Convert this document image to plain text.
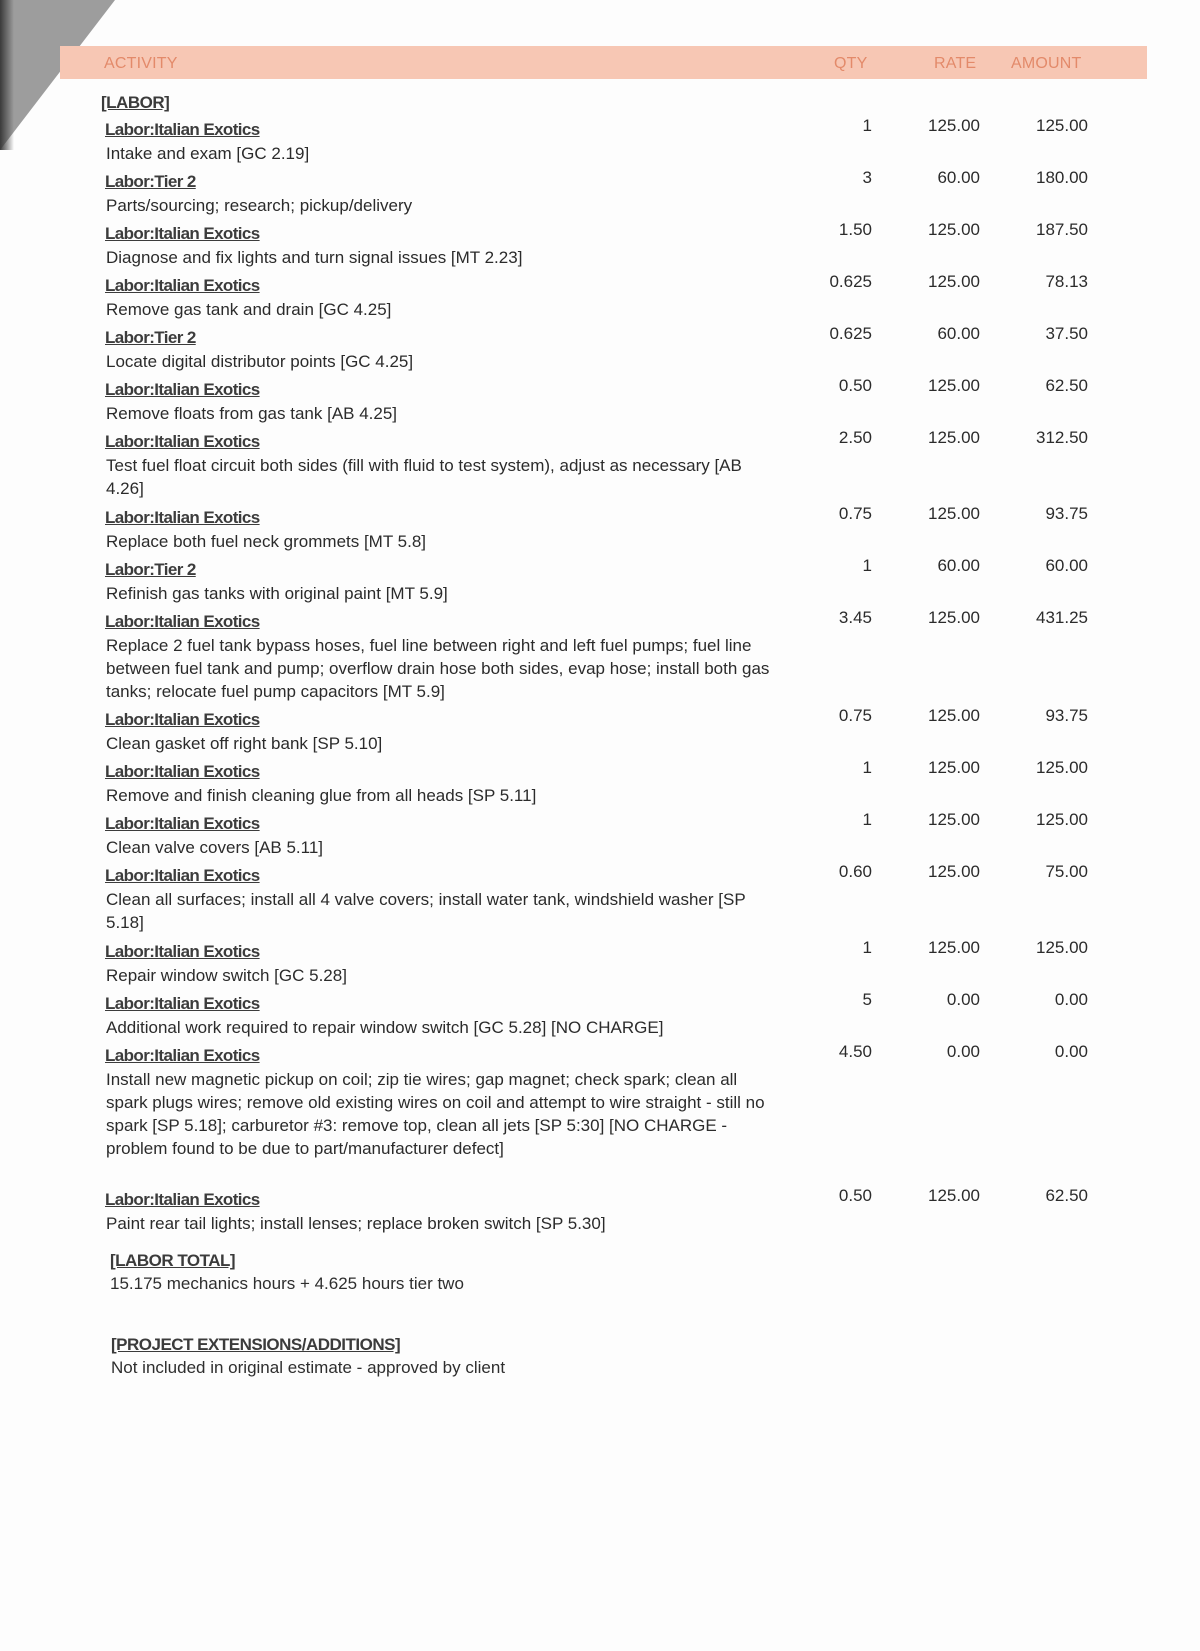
ACTIVITY	QTY	RATE AMOUNT
[LABOR]
Labor:Italian Exotics
Intake and exam [GC 2.19]
1	125.00	125.00
Labor:Tier 2
Parts/sourcing; research; pickup/delivery
3	60.00	180.00
Labor:Italian Exotics
Diagnose and fix lights and turn signal issues [MT 2.23]
1.50	125.00	187.50
Labor:Italian Exotics
Remove gas tank and drain [GC 4.25]
0.625	125.00	78.13
Labor:Tier 2
Locate digital distributor points [GC 4.25]
0.625	60.00	37.50
Labor:Italian Exotics
Remove floats from gas tank [AB 4.25]
0.50	125.00	62.50
Labor:Italian Exotics
Test fuel float circuit both sides (fill with fluid to test system), adjust as necessary [AB 4.26]
2.50	125.00	312.50
Labor:Italian Exotics
Replace both fuel neck grommets [MT 5.8]
0.75	125.00	93.75
Labor:Tier 2
Refinish gas tanks with original paint [MT 5.9]
1	60.00	60.00
Labor:Italian Exotics
Replace 2 fuel tank bypass hoses, fuel line between right and left fuel pumps; fuel line between fuel tank and pump; overflow drain hose both sides, evap hose; install both gas tanks; relocate fuel pump capacitors [MT 5.9]
3.45	125.00	431.25
Labor:Italian Exotics
Clean gasket off right bank [SP 5.10]
0.75	125.00	93.75
Labor:Italian Exotics
Remove and finish cleaning glue from all heads [SP 5.11]
1	125.00	125.00
Labor:Italian Exotics
Clean valve covers [AB 5.11]
1	125.00	125.00
Labor:Italian Exotics
Clean all surfaces; install all 4 valve covers; install water tank, windshield washer [SP 5.18]
0.60	125.00	75.00
Labor:Italian Exotics
Repair window switch [GC 5.28]
1	125.00	125.00
Labor:Italian Exotics
Additional work required to repair window switch [GC 5.28] [NO CHARGE]
5	0.00	0.00
Labor:Italian Exotics
Install new magnetic pickup on coil; zip tie wires; gap magnet; check spark; clean all spark plugs wires; remove old existing wires on coil and attempt to wire straight - still no spark [SP 5.18]; carburetor #3: remove top, clean all jets [SP 5:30] [NO CHARGE - problem found to be due to part/manufacturer defect]
4.50	0.00	0.00
Labor:Italian Exotics
Paint rear tail lights; install lenses; replace broken switch [SP 5.30]
0.50	125.00	62.50
[LABOR TOTAL]
15.175 mechanics hours + 4.625 hours tier two
[PROJECT EXTENSIONS/ADDITIONS]
Not included in original estimate - approved by client
